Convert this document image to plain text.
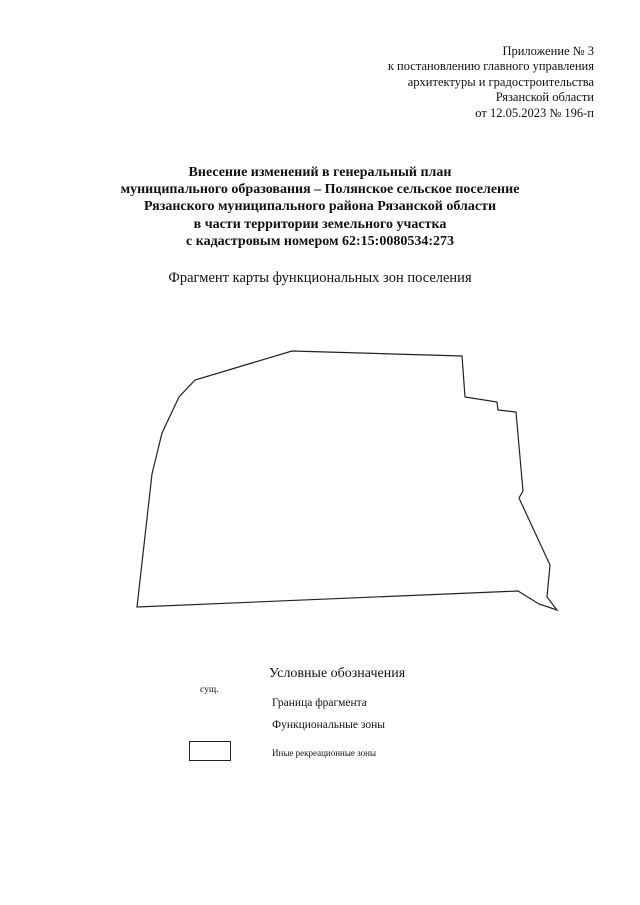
Приложение № 3
к постановлению главного управления
архитектуры и градостроительства
Рязанской области
от 12.05.2023 № 196-п
Внесение изменений в генеральный план
муниципального образования – Полянское сельское поселение
Рязанского муниципального района Рязанской области
в части территории земельного участка
с кадастровым номером 62:15:0080534:273
Фрагмент карты функциональных зон поселения
Условные обозначения
сущ.
Граница фрагмента
Функциональные зоны
Иные рекреационные зоны
